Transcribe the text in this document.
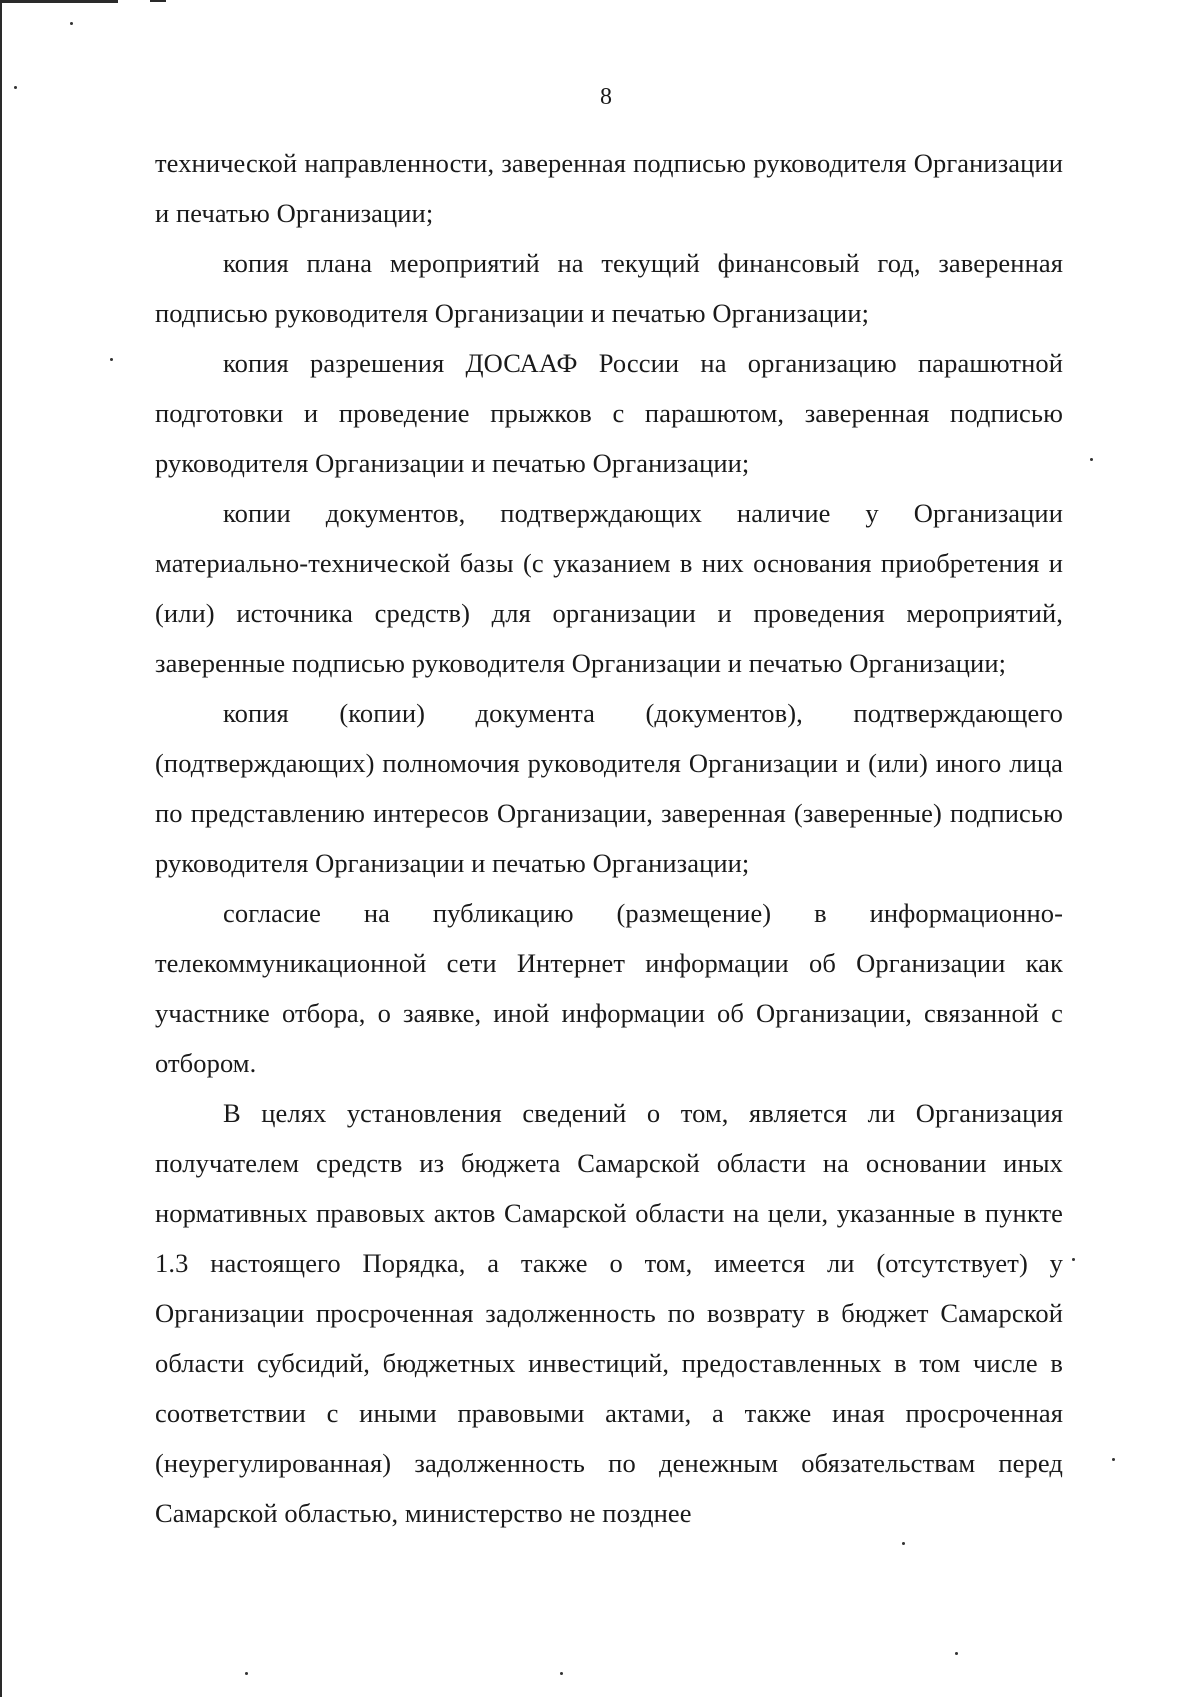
8

технической направленности, заверенная подписью руководителя Организации и печатью Организации;

копия плана мероприятий на текущий финансовый год, заверенная подписью руководителя Организации и печатью Организации;

копия разрешения ДОСААФ России на организацию парашютной подготовки и проведение прыжков с парашютом, заверенная подписью руководителя Организации и печатью Организации;

копии документов, подтверждающих наличие у Организации материально-технической базы (с указанием в них основания приобретения и (или) источника средств) для организации и проведения мероприятий, заверенные подписью руководителя Организации и печатью Организации;

копия (копии) документа (документов), подтверждающего (подтверждающих) полномочия руководителя Организации и (или) иного лица по представлению интересов Организации, заверенная (заверенные) подписью руководителя Организации и печатью Организации;

согласие на публикацию (размещение) в информационно-телекоммуникационной сети Интернет информации об Организации как участнике отбора, о заявке, иной информации об Организации, связанной с отбором.

В целях установления сведений о том, является ли Организация получателем средств из бюджета Самарской области на основании иных нормативных правовых актов Самарской области на цели, указанные в пункте 1.3 настоящего Порядка, а также о том, имеется ли (отсутствует) у Организации просроченная задолженность по возврату в бюджет Самарской области субсидий, бюджетных инвестиций, предоставленных в том числе в соответствии с иными правовыми актами, а также иная просроченная (неурегулированная) задолженность по денежным обязательствам перед Самарской областью, министерство не позднее
